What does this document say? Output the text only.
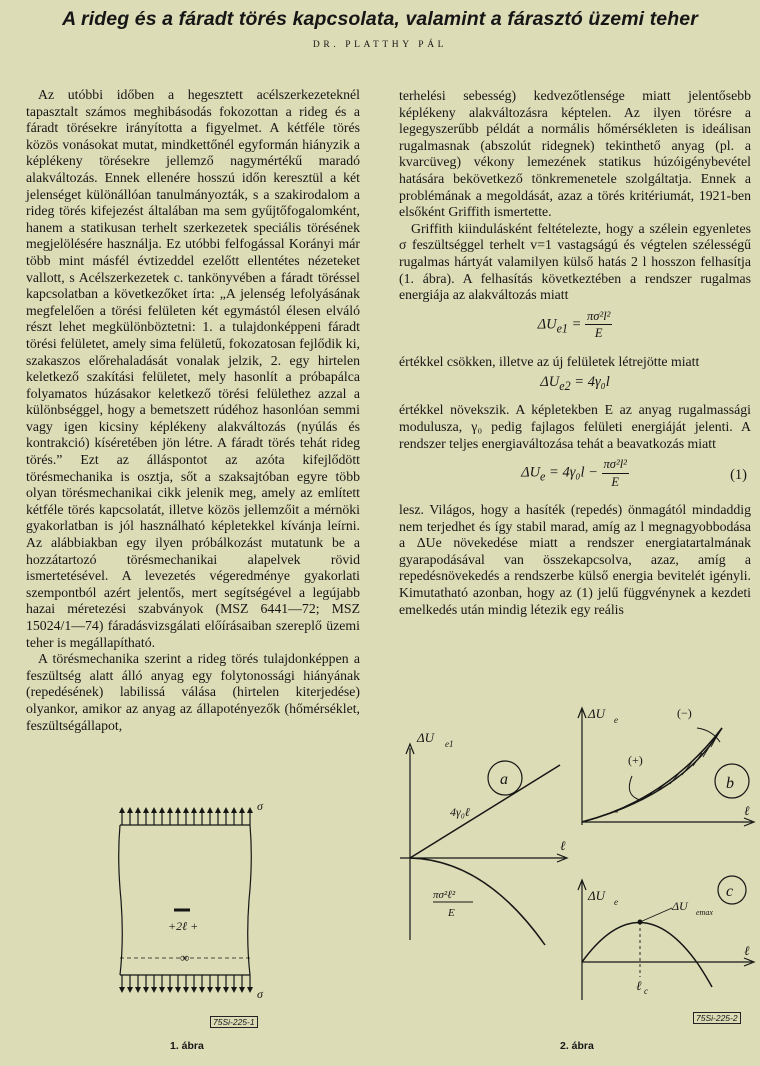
A rideg és a fáradt törés kapcsolata, valamint a fárasztó üzemi teher
DR. PLATTHY PÁL

Az utóbbi időben a hegesztett acélszerkezeteknél tapasztalt számos meghibásodás fokozottan a rideg és a fáradt törésekre irányította a figyelmet. A kétféle törés közös vonásokat mutat, mindkettőnél egyformán hiányzik a képlékeny törésekre jellemző nagymértékű maradó alakváltozás. Ennek ellenére hosszú időn keresztül a két jelenséget különállóan tanulmányozták, s a szakirodalom a rideg törés kifejezést általában ma sem gyűjtőfogalomként, hanem a statikusan terhelt szerkezetek speciális törésének megjelölésére használja. Ez utóbbi felfogással Korányi már több mint másfél évtizeddel ezelőtt ellentétes nézeteket vallott, s Acélszerkezetek c. tankönyvében a fáradt töréssel kapcsolatban a következőket írta: „A jelenség lefolyásának megfelelően a törési felületen két egymástól élesen elváló részt lehet megkülönböztetni: 1. a tulajdonképpeni fáradt törési felületet, amely sima felületű, fokozatosan fejlődik ki, szakaszos előrehaladását vonalak jelzik, 2. egy hirtelen keletkező szakítási felületet, mely hasonlít a próbapálca folyamatos húzásakor keletkező törési felülethez azzal a különbséggel, hogy a bemetszett rúdéhoz hasonlóan semmi vagy igen kicsiny képlékeny alakváltozás (nyúlás és kontrakció) kíséretében jön létre. A fáradt törés tehát rideg törés.” Ezt az álláspontot az azóta kifejlődött törésmechanika is osztja, sőt a szaksajtóban egyre több olyan törésmechanikai cikk jelenik meg, amely az említett kétféle törés kapcsolatát, illetve közös jellemzőit a mérnöki gyakorlatban is jól használható képletekkel kívánja leírni. Az alábbiakban egy ilyen próbálkozást mutatunk be a hozzátartozó törésmechanikai alapelvek rövid ismertetésével. A levezetés végeredménye gyakorlati szempontból azért jelentős, mert segítségével a legújabb hazai méretezési szabványok (MSZ 6441—72; MSZ 15024/1—74) fáradásvizsgálati előírásaiban szereplő üzemi teher is megállapítható.

A törésmechanika szerint a rideg törés tulajdonképpen a feszültség alatt álló anyag egy folytonossági hiányának (repedésének) labilissá válása (hirtelen kiterjedése) olyankor, amikor az anyag az állapotényezők (hőmérséklet, feszültségállapot,

terhelési sebesség) kedvezőtlensége miatt jelentősebb képlékeny alakváltozásra képtelen. Az ilyen törésre a legegyszerűbb példát a normális hőmérsékleten is ideálisan rugalmasnak (abszolút ridegnek) tekinthető anyag (pl. a kvarcüveg) vékony lemezének statikus húzóigénybevétel hatására bekövetkező tönkremenetele szolgáltatja. Ennek a problémának a megoldását, azaz a törés kritériumát, 1921-ben elsőként Griffith ismertette.

Griffith kiindulásként feltételezte, hogy a szélein egyenletes σ feszültséggel terhelt v=1 vastagságú és végtelen szélességű rugalmas hártyát valamilyen külső hatás 2 l hosszon felhasítja (1. ábra). A felhasítás következtében a rendszer rugalmas energiája az alakváltozás miatt

$\Delta U_{e1} = \frac{\text{πσ²l²}}{E}$

értékkel csökken, illetve az új felületek létrejötte miatt

$\Delta U_{e2} = 4\gamma_0l$

értékkel növekszik. A képletekben E az anyag rugalmassági modulusza, γ₀ pedig fajlagos felületi energiáját jelenti. A rendszer teljes energiaváltozása tehát a beavatkozás miatt

$\Delta U_e = 4\gamma_0l - \frac{\text{πσ²l²}}{E}$	(1)

lesz. Világos, hogy a hasíték (repedés) önmagától mindaddig nem terjedhet és így stabil marad, amíg az l megnagyobbodása a ΔUe növekedése miatt a rendszer energiatartalmának gyarapodásával van összekapcsolva, azaz, amíg a repedésnövekedés a rendszerbe külső energia bevitelét igényli. Kimutatható azonban, hogy az (1) jelű függvénynek a kezdeti emelkedés után mindig létezik egy reális

σ
σ
+2ℓ +
∞
75Si-225-1
1. ábra
ΔU e1
a
4γ₀ℓ
πσ²ℓ²
E
ℓ
ΔU e	(−)
(+)
b
ℓ
ΔU e
c
ΔU emax
ℓ c
ℓ
75Si-225-2
2. ábra
